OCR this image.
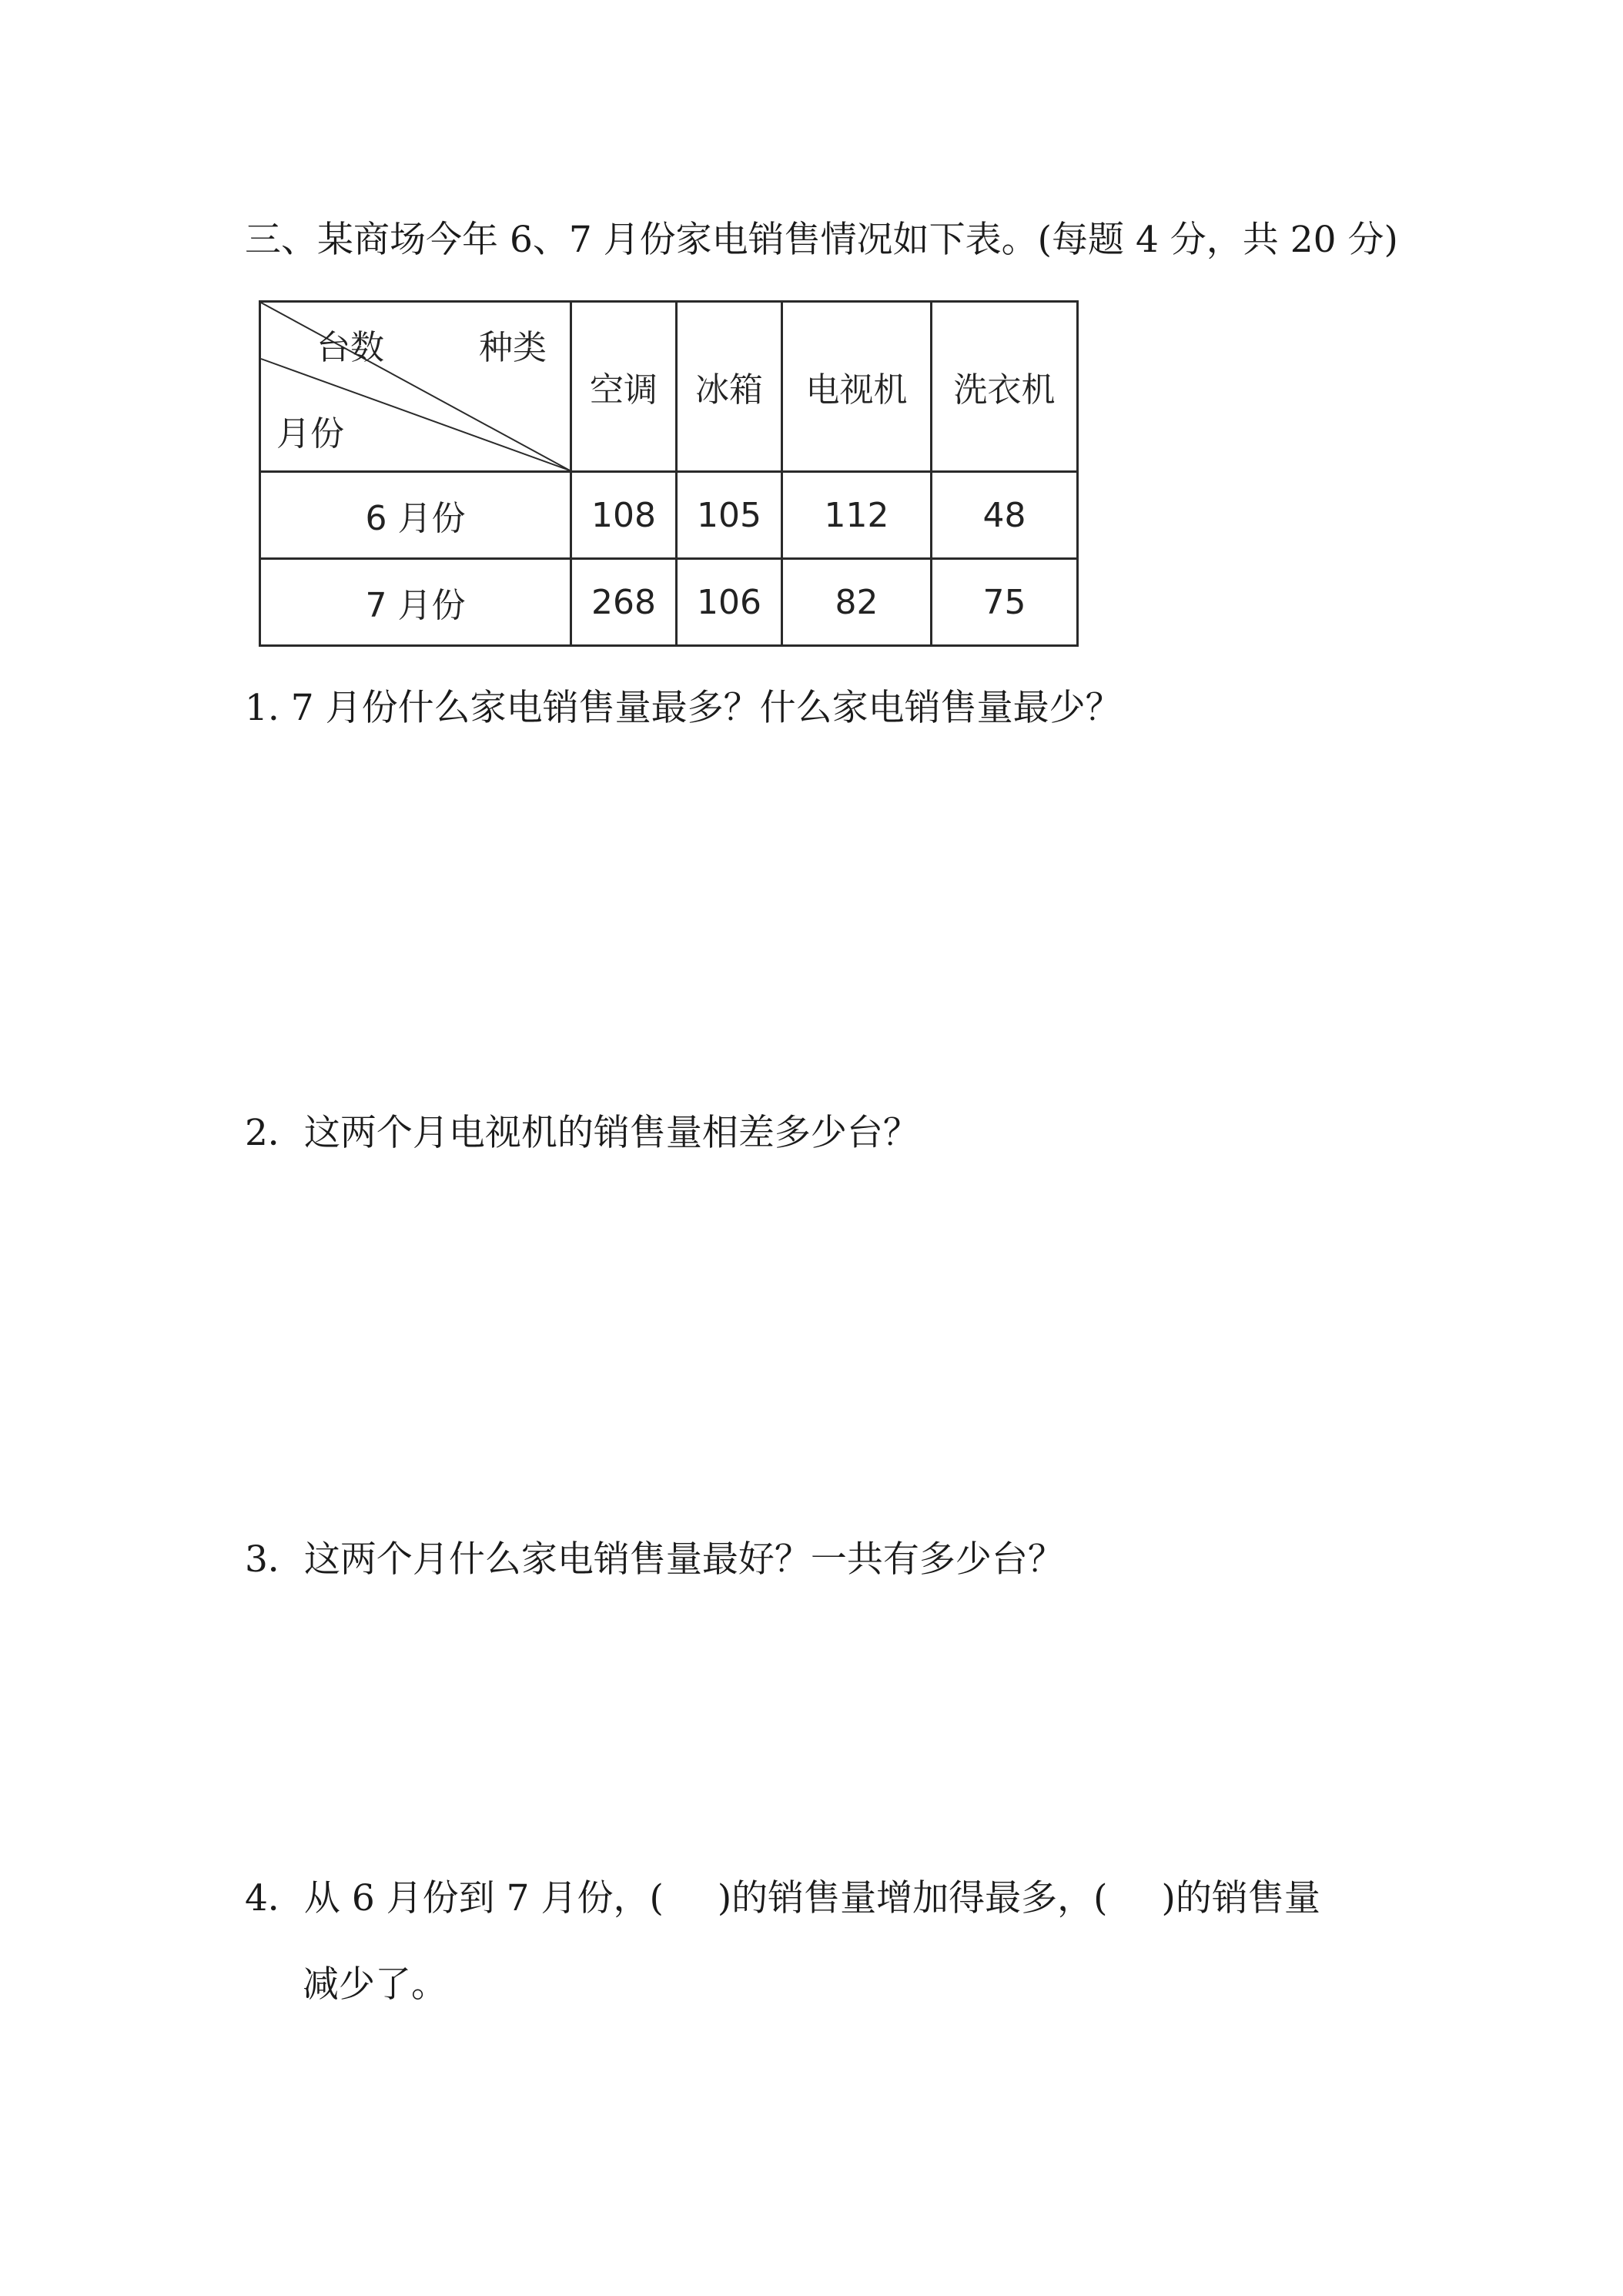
三、某商场今年 6、7 月份家电销售情况如下表。(每题 4 分，共 20 分)
台数 种类
月份	空调	冰箱	电视机	洗衣机
6 月份	108	105	112	48
7 月份	268	106	82	75
1. 7 月份什么家电销售量最多？什么家电销售量最少？
2．这两个月电视机的销售量相差多少台？
3．这两个月什么家电销售量最好？一共有多少台？
4．从 6 月份到 7 月份，( )的销售量增加得最多，( )的销售量
减少了。
